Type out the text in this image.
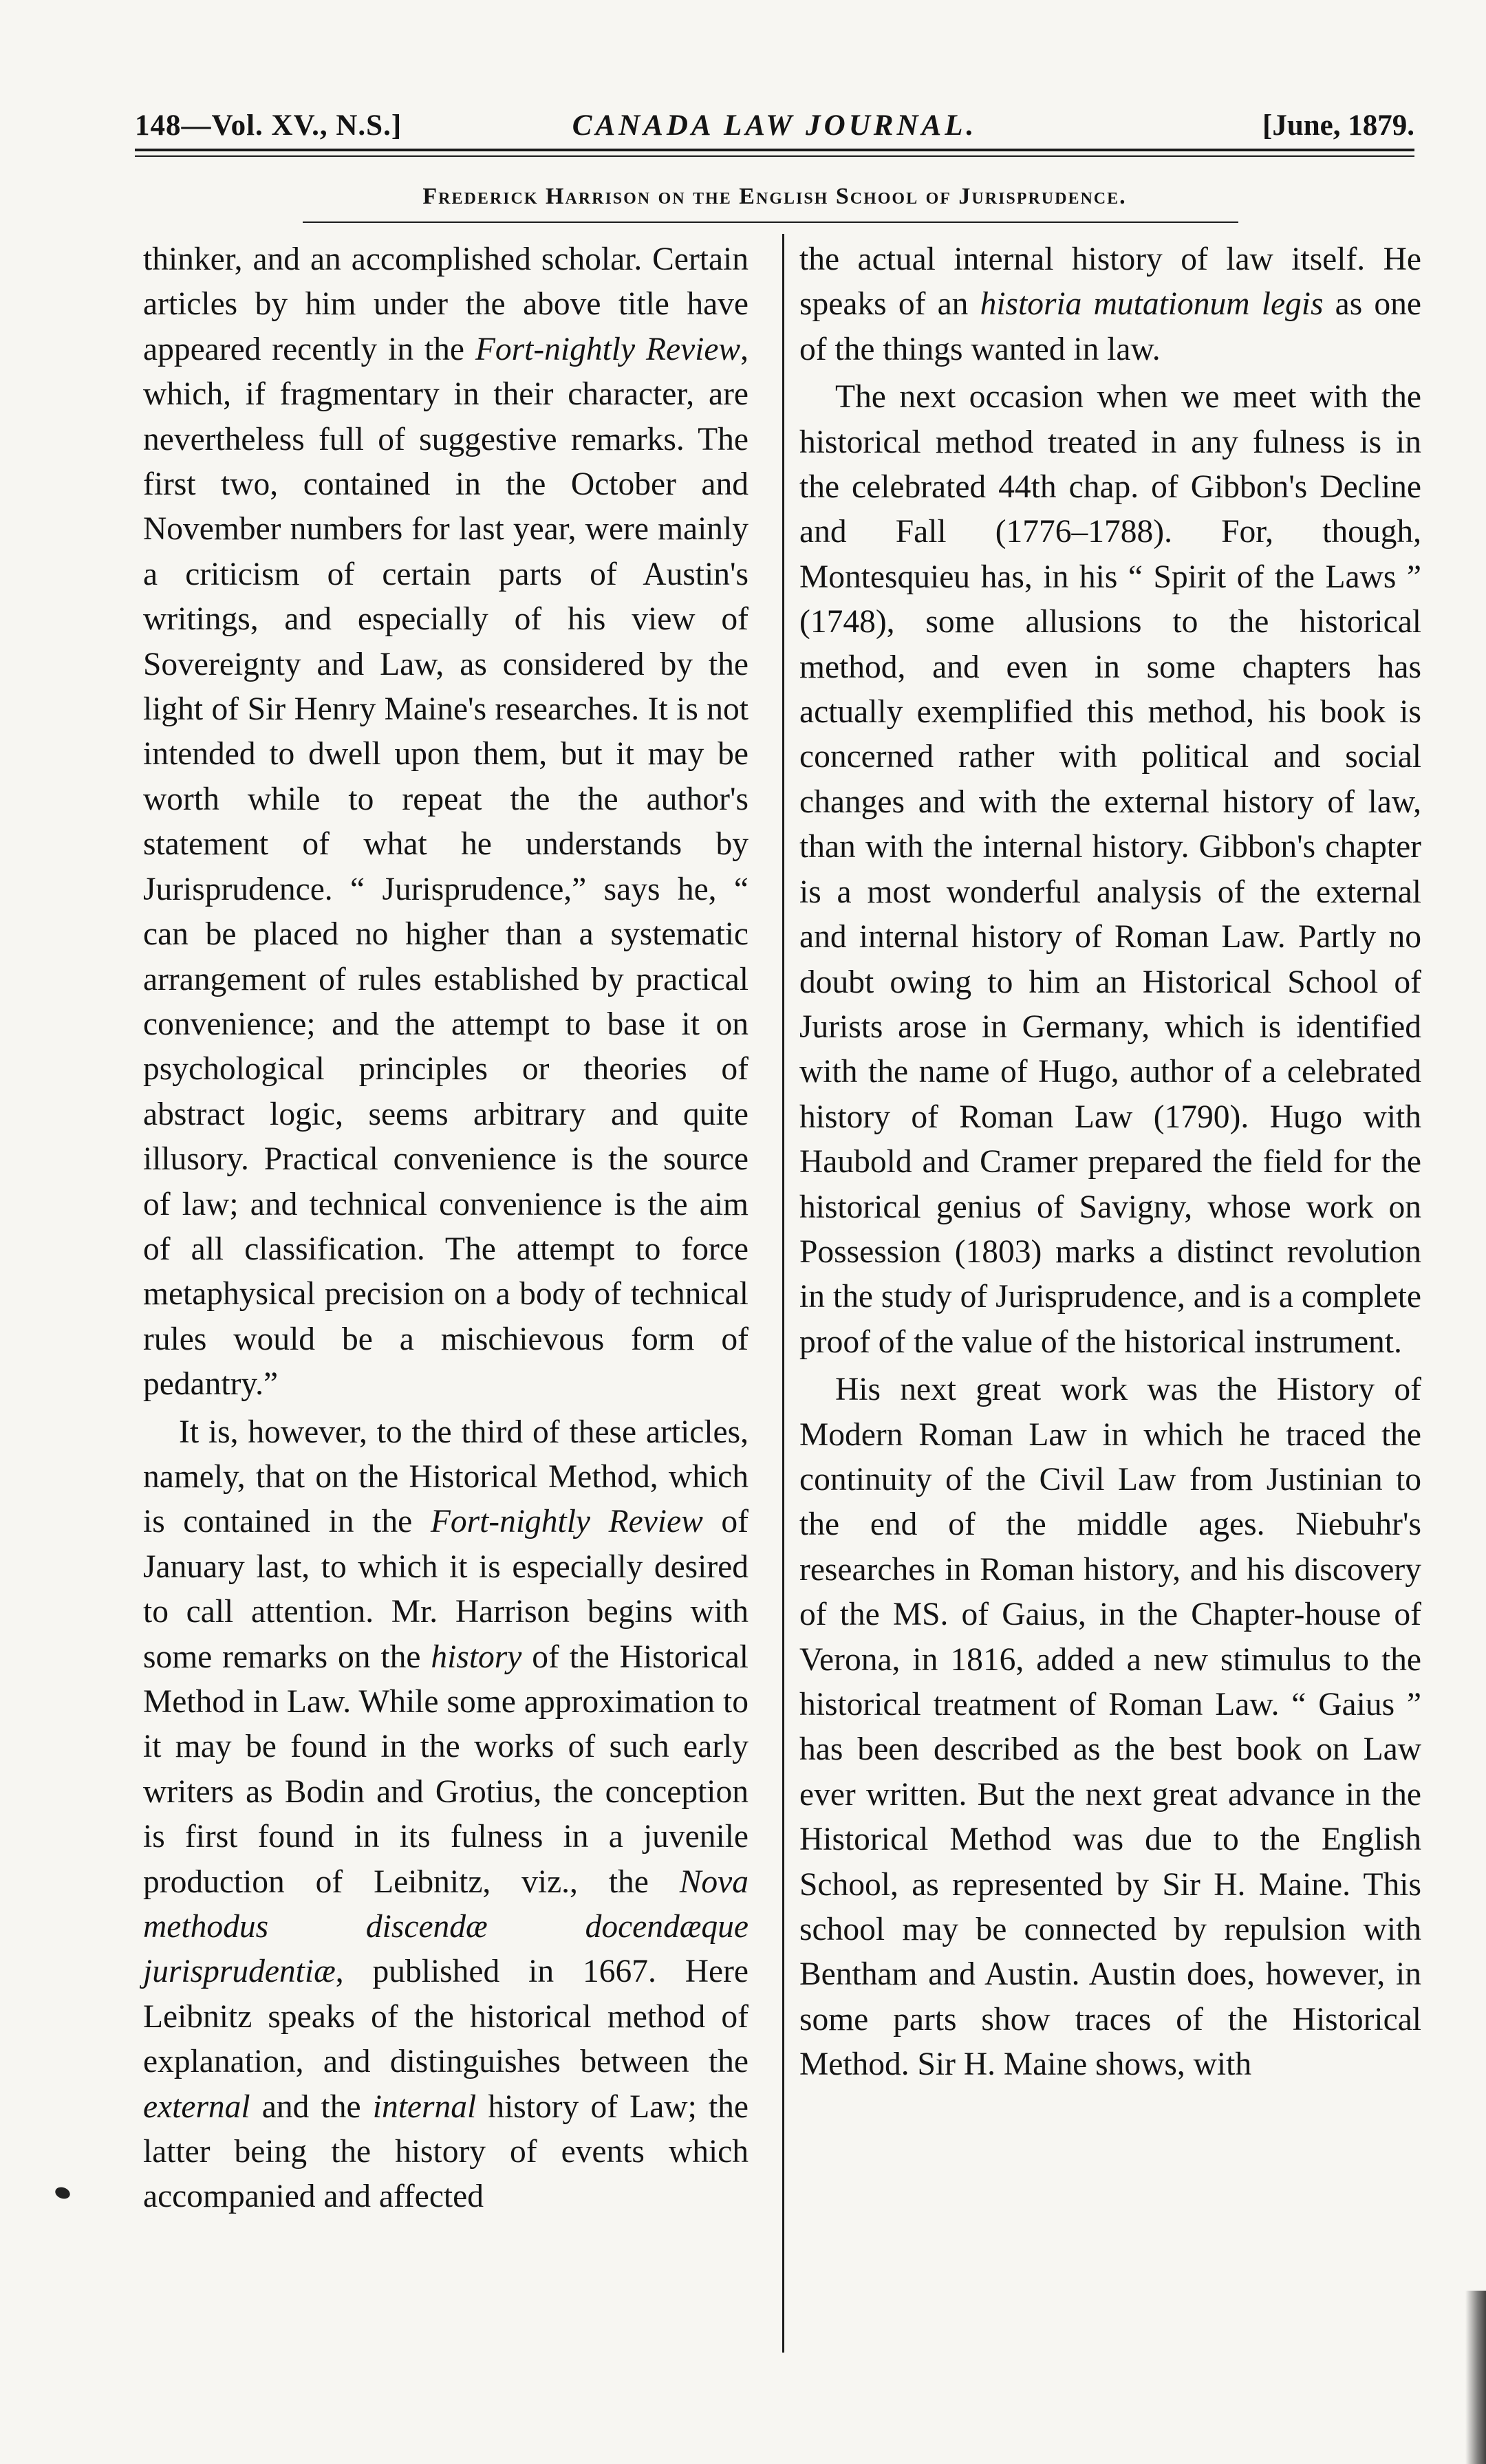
148—Vol. XV., N.S.]	CANADA LAW JOURNAL.	[June, 1879.
Frederick Harrison on the English School of Jurisprudence.

thinker, and an accomplished scholar. Certain articles by him under the above title have appeared recently in the Fort-nightly Review, which, if fragmentary in their character, are nevertheless full of suggestive remarks. The first two, contained in the October and November numbers for last year, were mainly a criticism of certain parts of Austin's writings, and especially of his view of Sovereignty and Law, as considered by the light of Sir Henry Maine's researches. It is not intended to dwell upon them, but it may be worth while to repeat the the author's statement of what he understands by Jurisprudence. “ Jurisprudence,” says he, “ can be placed no higher than a systematic arrangement of rules established by practical convenience; and the attempt to base it on psychological principles or theories of abstract logic, seems arbitrary and quite illusory. Practical convenience is the source of law; and technical convenience is the aim of all classification. The attempt to force metaphysical precision on a body of technical rules would be a mischievous form of pedantry.”

It is, however, to the third of these articles, namely, that on the Historical Method, which is contained in the Fort-nightly Review of January last, to which it is especially desired to call attention. Mr. Harrison begins with some remarks on the history of the Historical Method in Law. While some approximation to it may be found in the works of such early writers as Bodin and Grotius, the conception is first found in its fulness in a juvenile production of Leibnitz, viz., the Nova methodus discendæ docendæque jurisprudentiæ, published in 1667. Here Leibnitz speaks of the historical method of explanation, and distinguishes between the external and the internal history of Law; the latter being the history of events which accompanied and affected

the actual internal history of law itself. He speaks of an historia mutationum legis as one of the things wanted in law.

The next occasion when we meet with the historical method treated in any fulness is in the celebrated 44th chap. of Gibbon's Decline and Fall (1776–1788). For, though, Montesquieu has, in his “ Spirit of the Laws ” (1748), some allusions to the historical method, and even in some chapters has actually exemplified this method, his book is concerned rather with political and social changes and with the external history of law, than with the internal history. Gibbon's chapter is a most wonderful analysis of the external and internal history of Roman Law. Partly no doubt owing to him an Historical School of Jurists arose in Germany, which is identified with the name of Hugo, author of a celebrated history of Roman Law (1790). Hugo with Haubold and Cramer prepared the field for the historical genius of Savigny, whose work on Possession (1803) marks a distinct revolution in the study of Jurisprudence, and is a complete proof of the value of the historical instrument.

His next great work was the History of Modern Roman Law in which he traced the continuity of the Civil Law from Justinian to the end of the middle ages. Niebuhr's researches in Roman history, and his discovery of the MS. of Gaius, in the Chapter-house of Verona, in 1816, added a new stimulus to the historical treatment of Roman Law. “ Gaius ” has been described as the best book on Law ever written. But the next great advance in the Historical Method was due to the English School, as represented by Sir H. Maine. This school may be connected by repulsion with Bentham and Austin. Austin does, however, in some parts show traces of the Historical Method. Sir H. Maine shows, with
